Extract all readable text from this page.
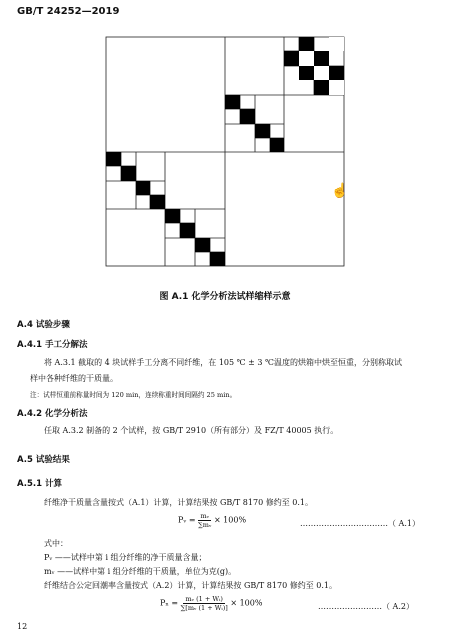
GB/T 24252—2019
☝
图 A.1 化学分析法试样缩样示意
A.4 试验步骤
A.4.1 手工分解法
将 A.3.1 截取的 4 块试样手工分离不同纤维，在 105 ℃ ± 3 ℃温度的烘箱中烘至恒重，分别称取试
样中各种纤维的干质量。
注：试样恒重前称量时间为 120 min，连续称重时间间隔约 25 min。
A.4.2 化学分析法
任取 A.3.2 制备的 2 个试样，按 GB/T 2910（所有部分）及 FZ/T 40005 执行。
A.5 试验结果
A.5.1 计算
纤维净干质量含量按式（A.1）计算，计算结果按 GB/T 8170 修约至 0.1。
Pᵥ = $\frac{\text{mᵥ}}{\text{∑mᵥ}} \times 100\%$	……………………………（ A.1）
式中：
Pᵥ ——试样中第 i 组分纤维的净干质量含量；
mᵥ ——试样中第 i 组分纤维的干质量，单位为克(g)。
纤维结合公定回潮率含量按式（A.2）计算，计算结果按 GB/T 8170 修约至 0.1。
$P_n = \frac{\text{mᵥ (1 + Wᵢ)}}{\text{∑[mᵥ (1 + Wᵢ)]}} \times 100\%$	……………………（ A.2）
12
